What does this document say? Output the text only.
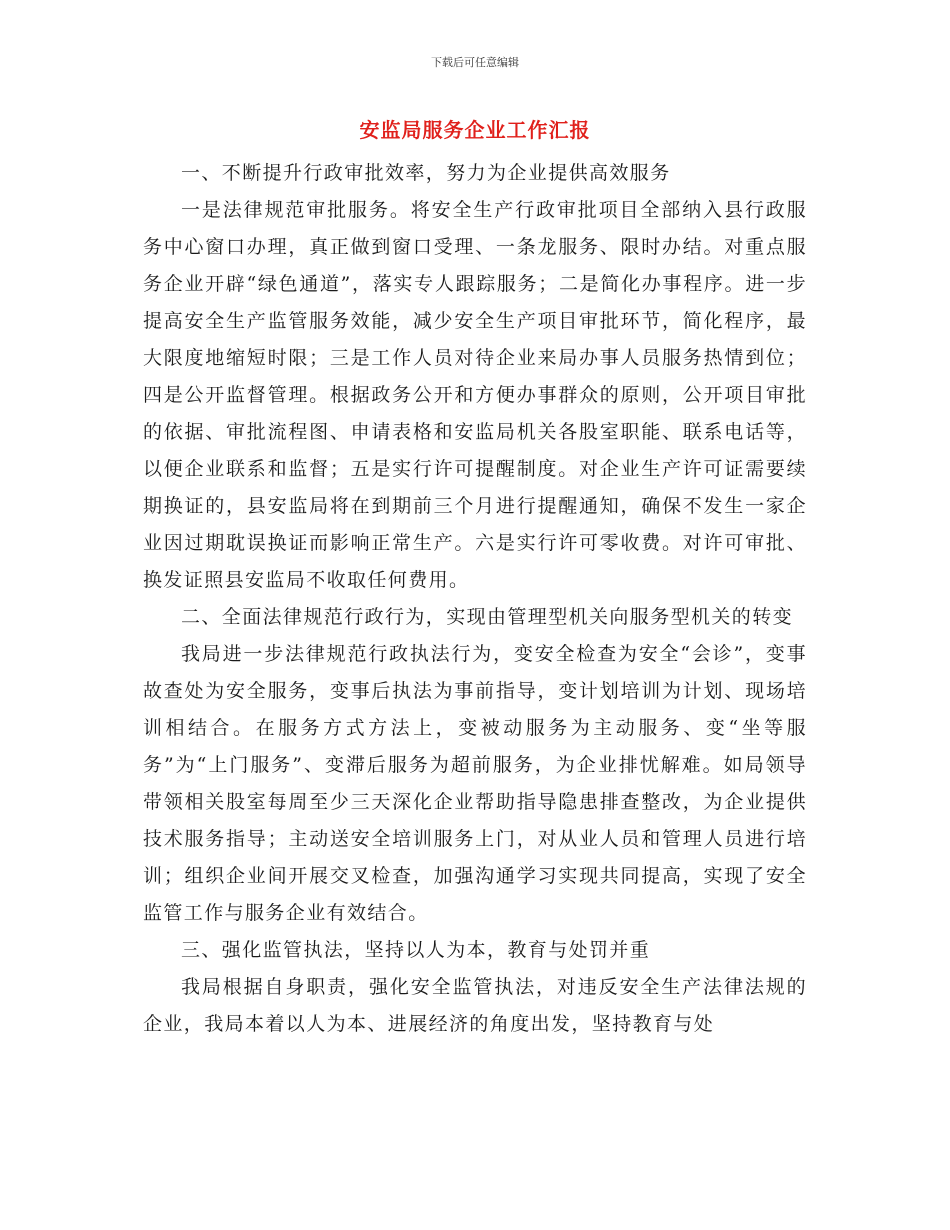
下载后可任意编辑
安监局服务企业工作汇报

一、不断提升行政审批效率，努力为企业提供高效服务

一是法律规范审批服务。将安全生产行政审批项目全部纳入县行政服务中心窗口办理，真正做到窗口受理、一条龙服务、限时办结。对重点服务企业开辟“绿色通道”，落实专人跟踪服务；二是简化办事程序。进一步提高安全生产监管服务效能，减少安全生产项目审批环节，简化程序，最大限度地缩短时限；三是工作人员对待企业来局办事人员服务热情到位；四是公开监督管理。根据政务公开和方便办事群众的原则，公开项目审批的依据、审批流程图、申请表格和安监局机关各股室职能、联系电话等，以便企业联系和监督；五是实行许可提醒制度。对企业生产许可证需要续期换证的，县安监局将在到期前三个月进行提醒通知，确保不发生一家企业因过期耽误换证而影响正常生产。六是实行许可零收费。对许可审批、换发证照县安监局不收取任何费用。

二、全面法律规范行政行为，实现由管理型机关向服务型机关的转变

我局进一步法律规范行政执法行为，变安全检查为安全“会诊”，变事故查处为安全服务，变事后执法为事前指导，变计划培训为计划、现场培训相结合。在服务方式方法上，变被动服务为主动服务、变“坐等服务”为“上门服务”、变滞后服务为超前服务，为企业排忧解难。如局领导带领相关股室每周至少三天深化企业帮助指导隐患排查整改，为企业提供技术服务指导；主动送安全培训服务上门，对从业人员和管理人员进行培训；组织企业间开展交叉检查，加强沟通学习实现共同提高，实现了安全监管工作与服务企业有效结合。

三、强化监管执法，坚持以人为本，教育与处罚并重

我局根据自身职责，强化安全监管执法，对违反安全生产法律法规的企业，我局本着以人为本、进展经济的角度出发，坚持教育与处
